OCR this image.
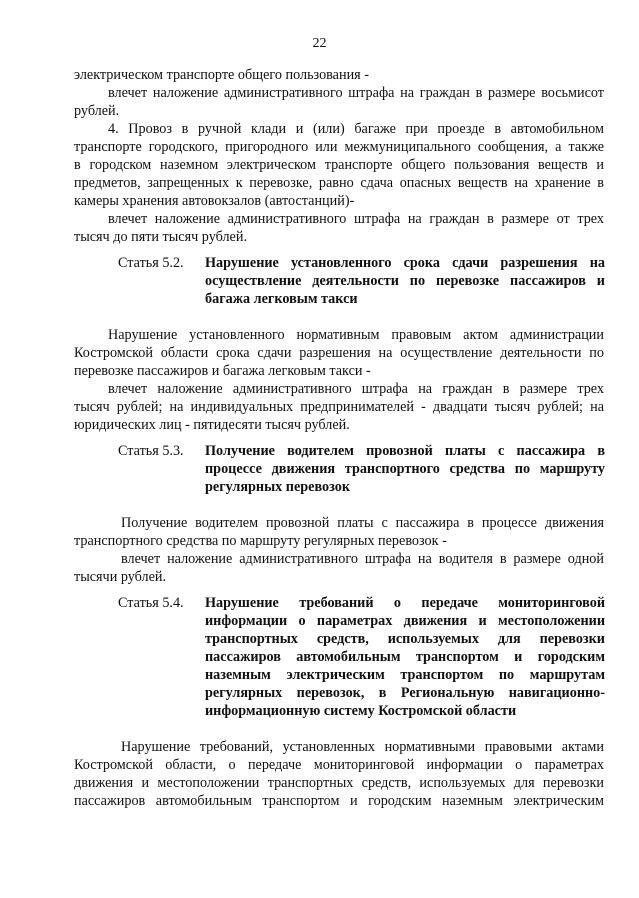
22
электрическом транспорте общего пользования -
влечет наложение административного штрафа на граждан в размере восьмисот
рублей.
4. Провоз в ручной клади и (или) багаже при проезде в автомобильном
транспорте городского, пригородного или межмуниципального сообщения, а также
в городском наземном электрическом транспорте общего пользования веществ и
предметов, запрещенных к перевозке, равно сдача опасных веществ на хранение в
камеры хранения автовокзалов (автостанций)-
влечет наложение административного штрафа на граждан в размере от трех
тысяч до пяти тысяч рублей.
Статья 5.2. Нарушение установленного срока сдачи разрешения на
осуществление деятельности по перевозке пассажиров и
багажа легковым такси
Нарушение установленного нормативным правовым актом администрации
Костромской области срока сдачи разрешения на осуществление деятельности по
перевозке пассажиров и багажа легковым такси -
влечет наложение административного штрафа на граждан в размере трех
тысяч рублей; на индивидуальных предпринимателей - двадцати тысяч рублей; на
юридических лиц - пятидесяти тысяч рублей.
Статья 5.3. Получение водителем провозной платы с пассажира в
процессе движения транспортного средства по маршруту
регулярных перевозок
Получение водителем провозной платы с пассажира в процессе движения
транспортного средства по маршруту регулярных перевозок -
влечет наложение административного штрафа на водителя в размере одной
тысячи рублей.
Статья 5.4. Нарушение требований о передаче мониторинговой
информации о параметрах движения и местоположении
транспортных средств, используемых для перевозки
пассажиров автомобильным транспортом и городским
наземным электрическим транспортом по маршрутам
регулярных перевозок, в Региональную навигационно-
информационную систему Костромской области
Нарушение требований, установленных нормативными правовыми актами
Костромской области, о передаче мониторинговой информации о параметрах
движения и местоположении транспортных средств, используемых для перевозки
пассажиров автомобильным транспортом и городским наземным электрическим
